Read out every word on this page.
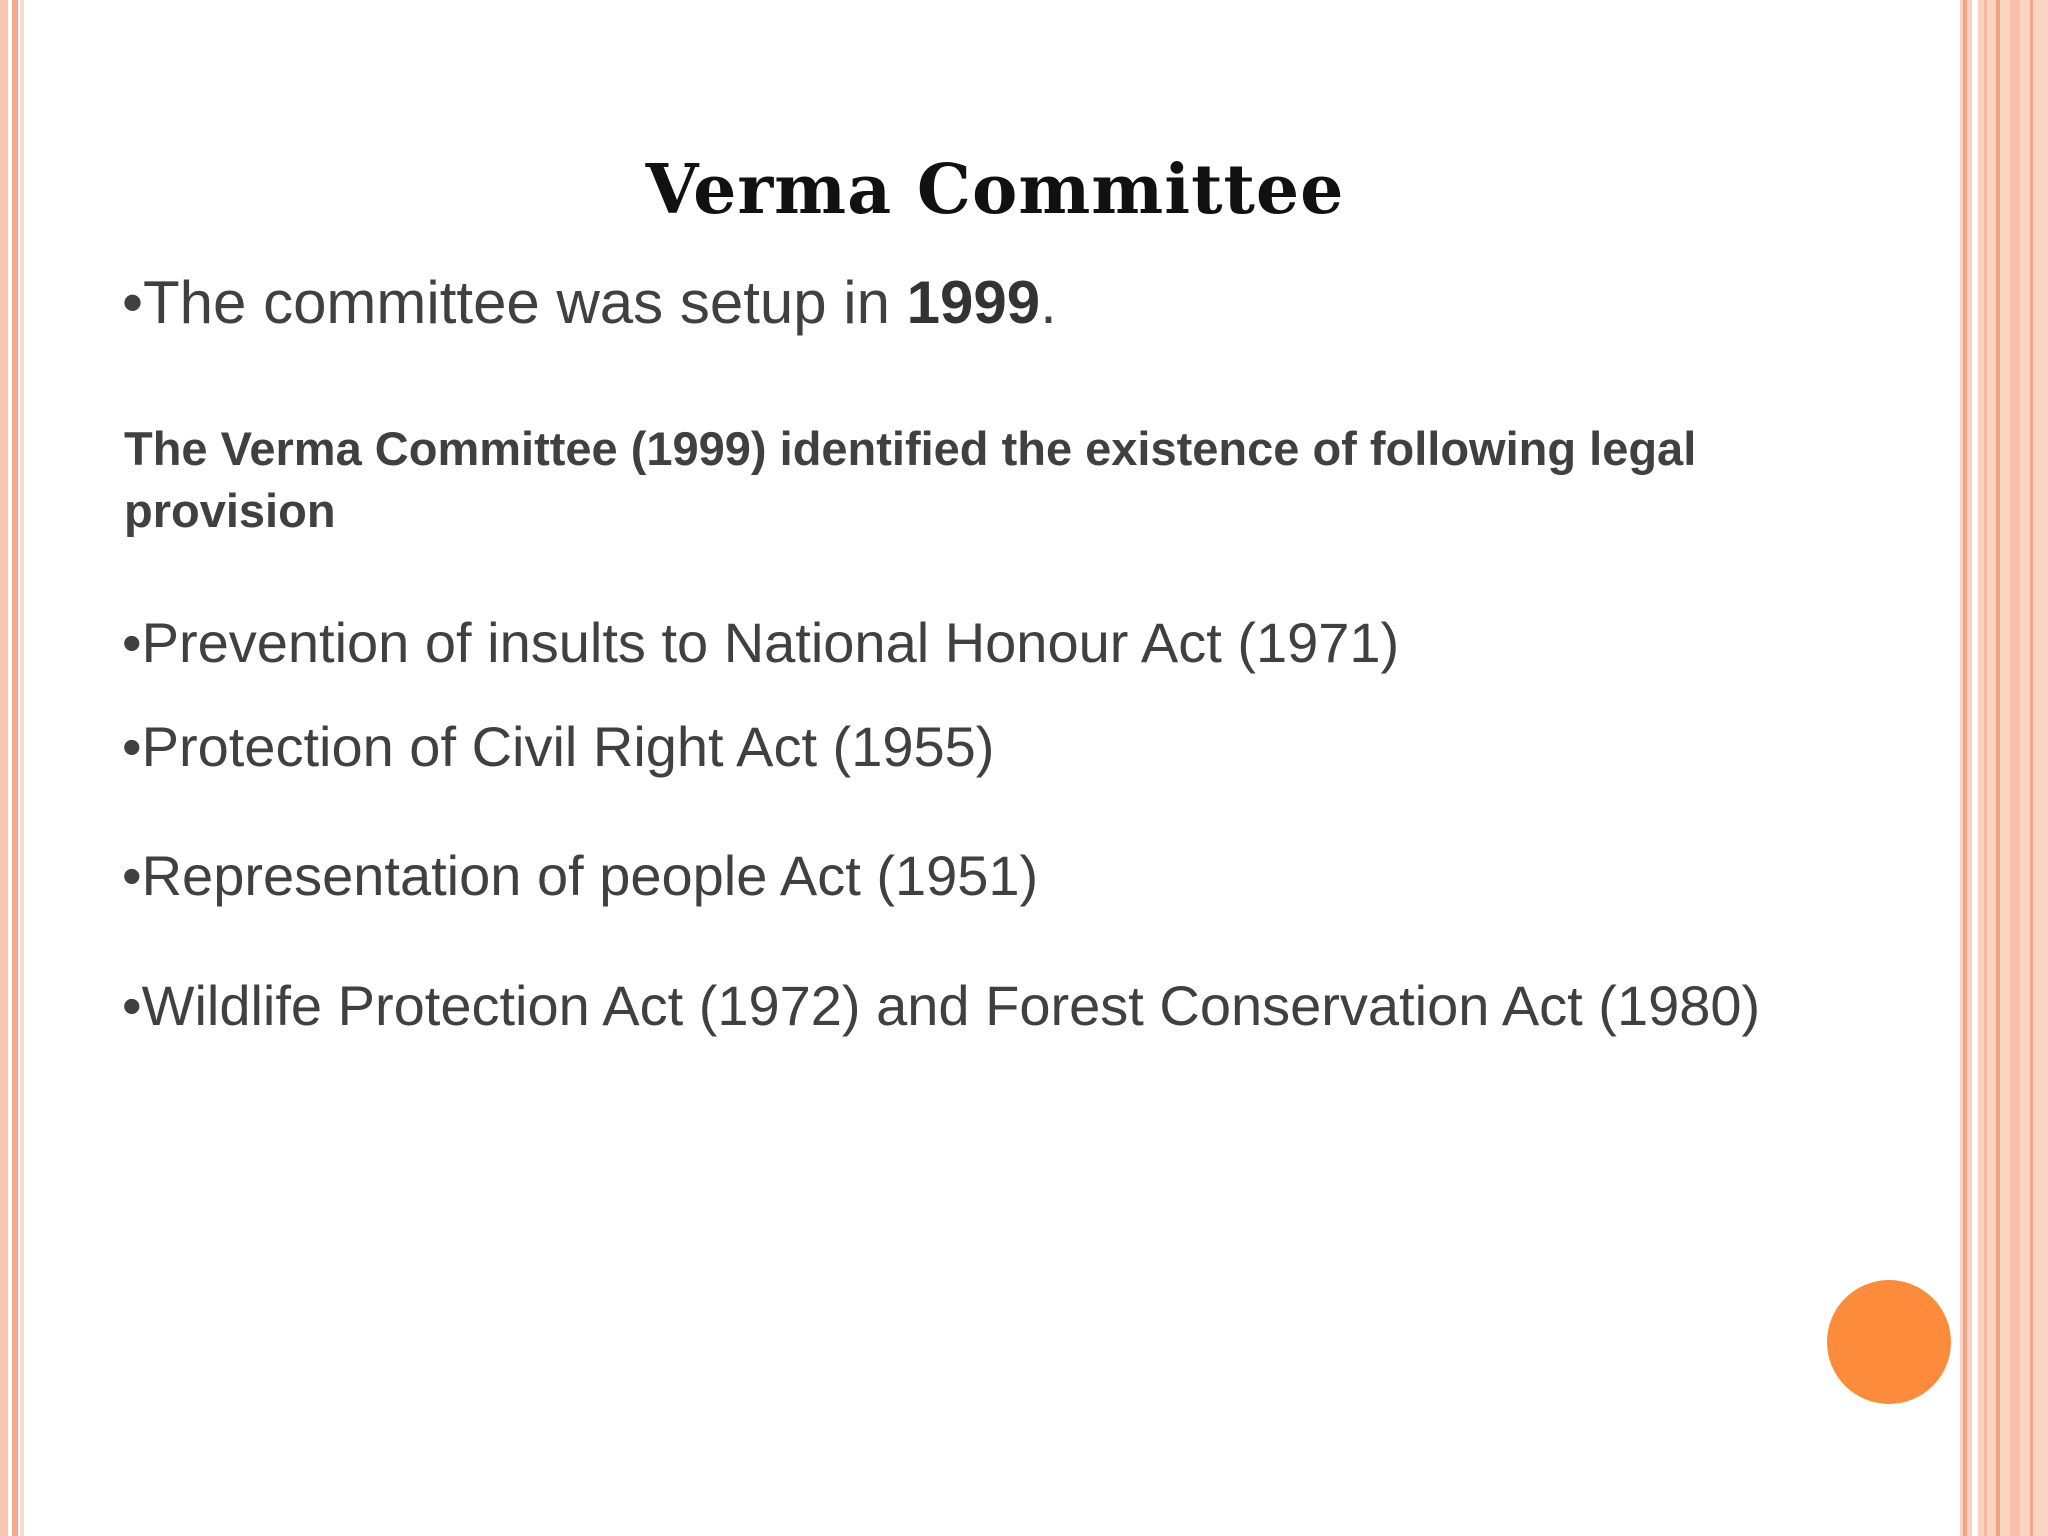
Verma Committee
•The committee was setup in 1999.
The Verma Committee (1999) identified the existence of following legal provision
•Prevention of insults to National Honour Act (1971)
•Protection of Civil Right Act (1955)
•Representation of people Act (1951)
•Wildlife Protection Act (1972) and Forest Conservation Act (1980)
